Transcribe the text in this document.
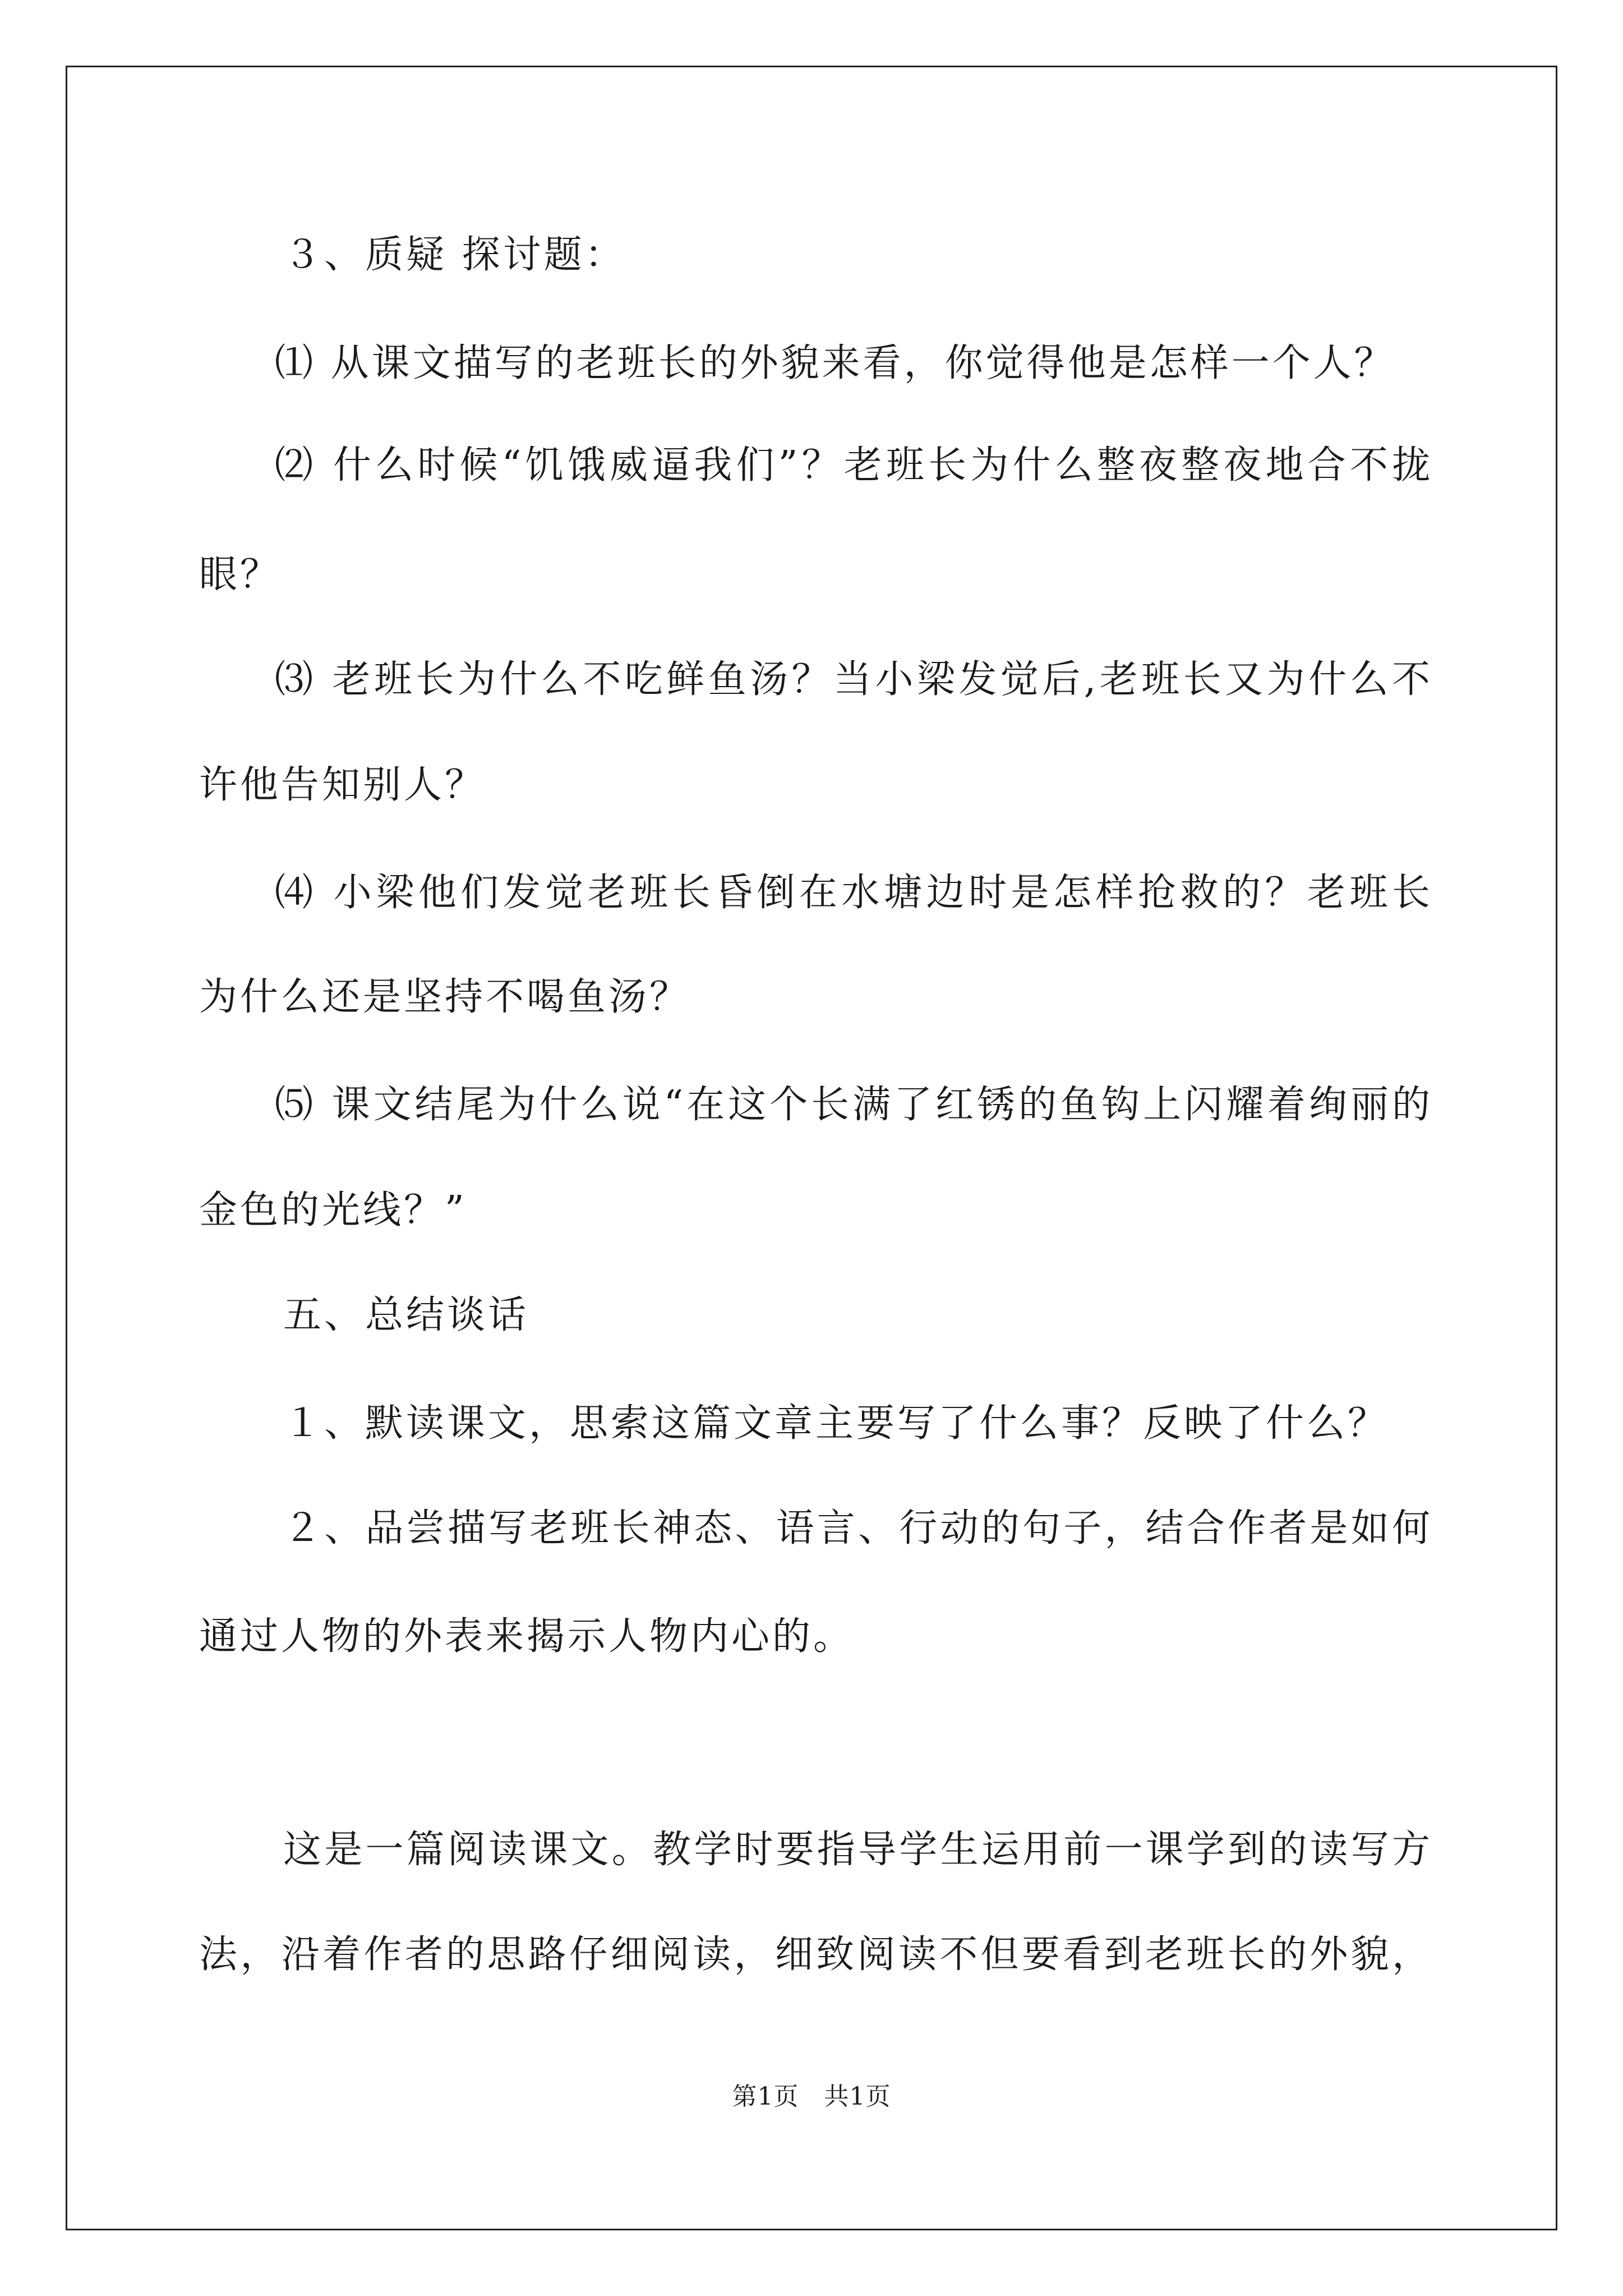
３、质疑 探讨题：
⑴ 从课文描写的老班长的外貌来看，你觉得他是怎样一个人？
⑵ 什么时候“饥饿威逼我们”？老班长为什么整夜整夜地合不拢
眼？
⑶ 老班长为什么不吃鲜鱼汤？当小梁发觉后,老班长又为什么不
许他告知别人？
⑷ 小梁他们发觉老班长昏倒在水塘边时是怎样抢救的？老班长
为什么还是坚持不喝鱼汤？
⑸ 课文结尾为什么说“在这个长满了红锈的鱼钩上闪耀着绚丽的
金色的光线？”
五、总结谈话
１、默读课文，思索这篇文章主要写了什么事？反映了什么？
２、品尝描写老班长神态、语言、行动的句子，结合作者是如何
通过人物的外表来揭示人物内心的。
这是一篇阅读课文。教学时要指导学生运用前一课学到的读写方
法，沿着作者的思路仔细阅读，细致阅读不但要看到老班长的外貌，
第1页　共1页
